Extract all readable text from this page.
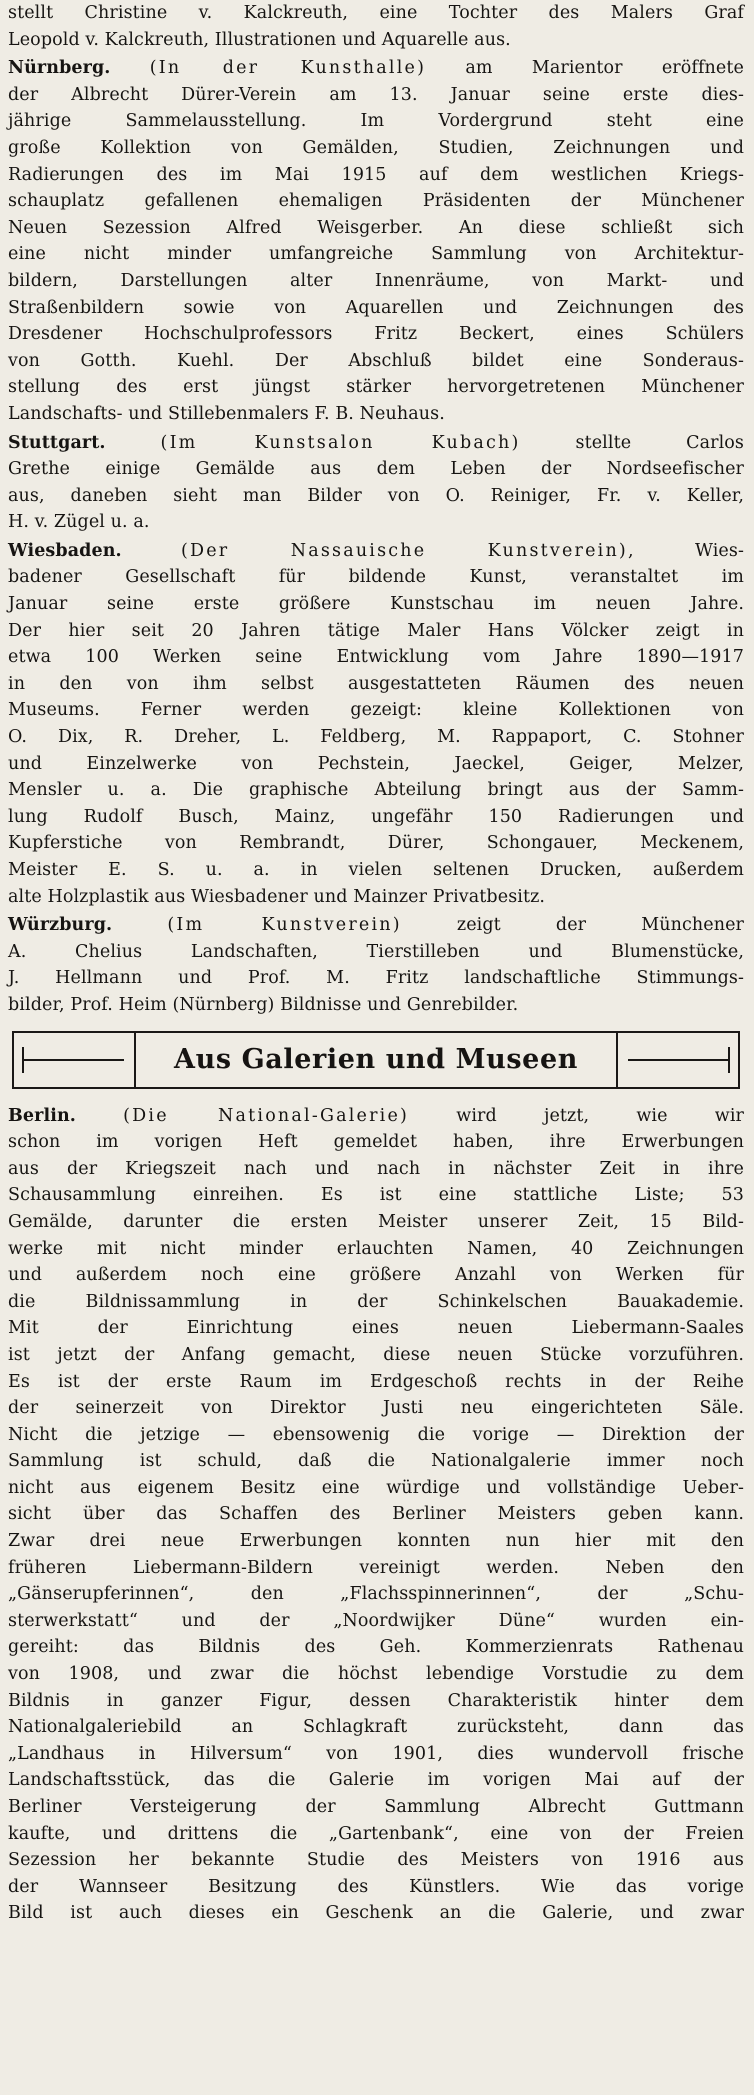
stellt Christine v. Kalckreuth, eine Tochter des Malers Graf

Leopold v. Kalckreuth, Illustrationen und Aquarelle aus.

Nürnberg. (In der Kunsthalle) am Marientor eröffnete

der Albrecht Dürer-Verein am 13. Januar seine erste dies-

jährige Sammelausstellung. Im Vordergrund steht eine

große Kollektion von Gemälden, Studien, Zeichnungen und

Radierungen des im Mai 1915 auf dem westlichen Kriegs-

schauplatz gefallenen ehemaligen Präsidenten der Münchener

Neuen Sezession Alfred Weisgerber. An diese schließt sich

eine nicht minder umfangreiche Sammlung von Architektur-

bildern, Darstellungen alter Innenräume, von Markt- und

Straßenbildern sowie von Aquarellen und Zeichnungen des

Dresdener Hochschulprofessors Fritz Beckert, eines Schülers

von Gotth. Kuehl. Der Abschluß bildet eine Sonderaus-

stellung des erst jüngst stärker hervorgetretenen Münchener

Landschafts- und Stillebenmalers F. B. Neuhaus.

Stuttgart.	(Im Kunstsalon Kubach)	stellte Carlos

Grethe einige Gemälde aus dem Leben der Nordseefischer

aus, daneben sieht man Bilder von O. Reiniger, Fr. v. Keller,

H. v. Zügel u. a.

Wiesbaden.	(Der Nassauische Kunstverein),	Wies-

badener Gesellschaft für bildende Kunst, veranstaltet im

Januar seine erste größere Kunstschau im neuen Jahre.

Der hier seit 20 Jahren tätige Maler Hans Völcker zeigt in

etwa 100 Werken seine Entwicklung vom Jahre 1890—1917

in den von ihm selbst ausgestatteten Räumen des neuen

Museums. Ferner werden gezeigt: kleine Kollektionen von

O. Dix, R. Dreher, L. Feldberg, M. Rappaport, C. Stohner

und Einzelwerke von Pechstein, Jaeckel, Geiger, Melzer,

Mensler u. a. Die graphische Abteilung bringt aus der Samm-

lung Rudolf Busch, Mainz, ungefähr 150 Radierungen und

Kupferstiche von Rembrandt, Dürer, Schongauer, Meckenem,

Meister E. S. u. a. in vielen seltenen Drucken, außerdem

alte Holzplastik aus Wiesbadener und Mainzer Privatbesitz.

Würzburg.	(Im Kunstverein)	zeigt der Münchener

A. Chelius Landschaften, Tierstilleben und Blumenstücke,

J. Hellmann und Prof. M. Fritz landschaftliche Stimmungs-

bilder, Prof. Heim (Nürnberg) Bildnisse und Genrebilder.

Aus Galerien und Museen

Berlin.	(Die National-Galerie)	wird jetzt, wie wir

schon im vorigen Heft gemeldet haben, ihre Erwerbungen

aus der Kriegszeit nach und nach in nächster Zeit in ihre

Schausammlung einreihen. Es ist eine stattliche Liste; 53

Gemälde, darunter die ersten Meister unserer Zeit, 15 Bild-

werke mit nicht minder erlauchten Namen, 40 Zeichnungen

und außerdem noch eine größere Anzahl von Werken für

die Bildnissammlung in der Schinkelschen Bauakademie.

Mit der Einrichtung eines neuen Liebermann-Saales

ist jetzt der Anfang gemacht, diese neuen Stücke vorzuführen.

Es ist der erste Raum im Erdgeschoß rechts in der Reihe

der seinerzeit von Direktor Justi neu eingerichteten Säle.

Nicht die jetzige — ebensowenig die vorige — Direktion der

Sammlung ist schuld, daß die Nationalgalerie immer noch

nicht aus eigenem Besitz eine würdige und vollständige Ueber-

sicht über das Schaffen des Berliner Meisters geben kann.

Zwar drei neue Erwerbungen konnten nun hier mit den

früheren Liebermann-Bildern vereinigt werden. Neben den

„Gänserupferinnen“, den „Flachsspinnerinnen“, der „Schu-

sterwerkstatt“ und der „Noordwijker Düne“ wurden ein-

gereiht: das Bildnis des Geh. Kommerzienrats Rathenau

von 1908, und zwar die höchst lebendige Vorstudie zu dem

Bildnis in ganzer Figur, dessen Charakteristik hinter dem

Nationalgaleriebild an Schlagkraft zurücksteht, dann das

„Landhaus in Hilversum“ von 1901, dies wundervoll frische

Landschaftsstück, das die Galerie im vorigen Mai auf der

Berliner Versteigerung der Sammlung Albrecht Guttmann

kaufte, und drittens die „Gartenbank“, eine von der Freien

Sezession her bekannte Studie des Meisters von 1916 aus

der Wannseer Besitzung des Künstlers. Wie das vorige

Bild ist auch dieses ein Geschenk an die Galerie, und zwar
